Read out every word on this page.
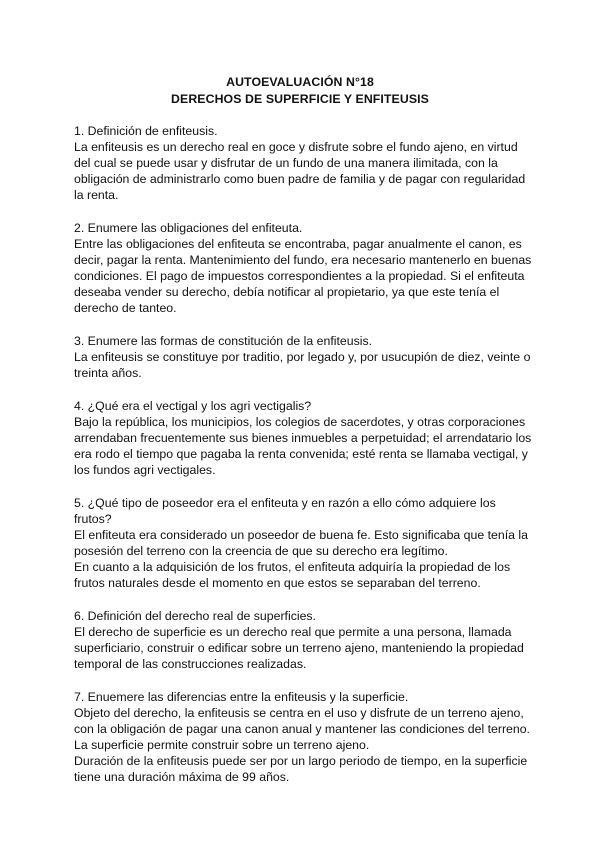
AUTOEVALUACIÓN N°18
DERECHOS DE SUPERFICIE Y ENFITEUSIS

1. Definición de enfiteusis.

La enfiteusis es un derecho real en goce y disfrute sobre el fundo ajeno, en virtud

del cual se puede usar y disfrutar de un fundo de una manera ilimitada, con la

obligación de administrarlo como buen padre de familia y de pagar con regularidad

la renta.

2. Enumere las obligaciones del enfiteuta.

Entre las obligaciones del enfiteuta se encontraba, pagar anualmente el canon, es

decir, pagar la renta. Mantenimiento del fundo, era necesario mantenerlo en buenas

condiciones. El pago de impuestos correspondientes a la propiedad. Si el enfiteuta

deseaba vender su derecho, debía notificar al propietario, ya que este tenía el

derecho de tanteo.

3. Enumere las formas de constitución de la enfiteusis.

La enfiteusis se constituye por traditio, por legado y, por usucupión de diez, veinte o

treinta años.

4. ¿Qué era el vectigal y los agri vectigalis?

Bajo la república, los municipios, los colegios de sacerdotes, y otras corporaciones

arrendaban frecuentemente sus bienes inmuebles a perpetuidad; el arrendatario los

era rodo el tiempo que pagaba la renta convenida; esté renta se llamaba vectigal, y

los fundos agri vectigales.

5. ¿Qué tipo de poseedor era el enfiteuta y en razón a ello cómo adquiere los

frutos?

El enfiteuta era considerado un poseedor de buena fe. Esto significaba que tenía la

posesión del terreno con la creencia de que su derecho era legítimo.

En cuanto a la adquisición de los frutos, el enfiteuta adquiría la propiedad de los

frutos naturales desde el momento en que estos se separaban del terreno.

6. Definición del derecho real de superficies.

El derecho de superficie es un derecho real que permite a una persona, llamada

superficiario, construir o edificar sobre un terreno ajeno, manteniendo la propiedad

temporal de las construcciones realizadas.

7. Enuemere las diferencias entre la enfiteusis y la superficie.

Objeto del derecho, la enfiteusis se centra en el uso y disfrute de un terreno ajeno,

con la obligación de pagar una canon anual y mantener las condiciones del terreno.

La superficie permite construir sobre un terreno ajeno.

Duración de la enfiteusis puede ser por un largo periodo de tiempo, en la superficie

tiene una duración máxima de 99 años.
